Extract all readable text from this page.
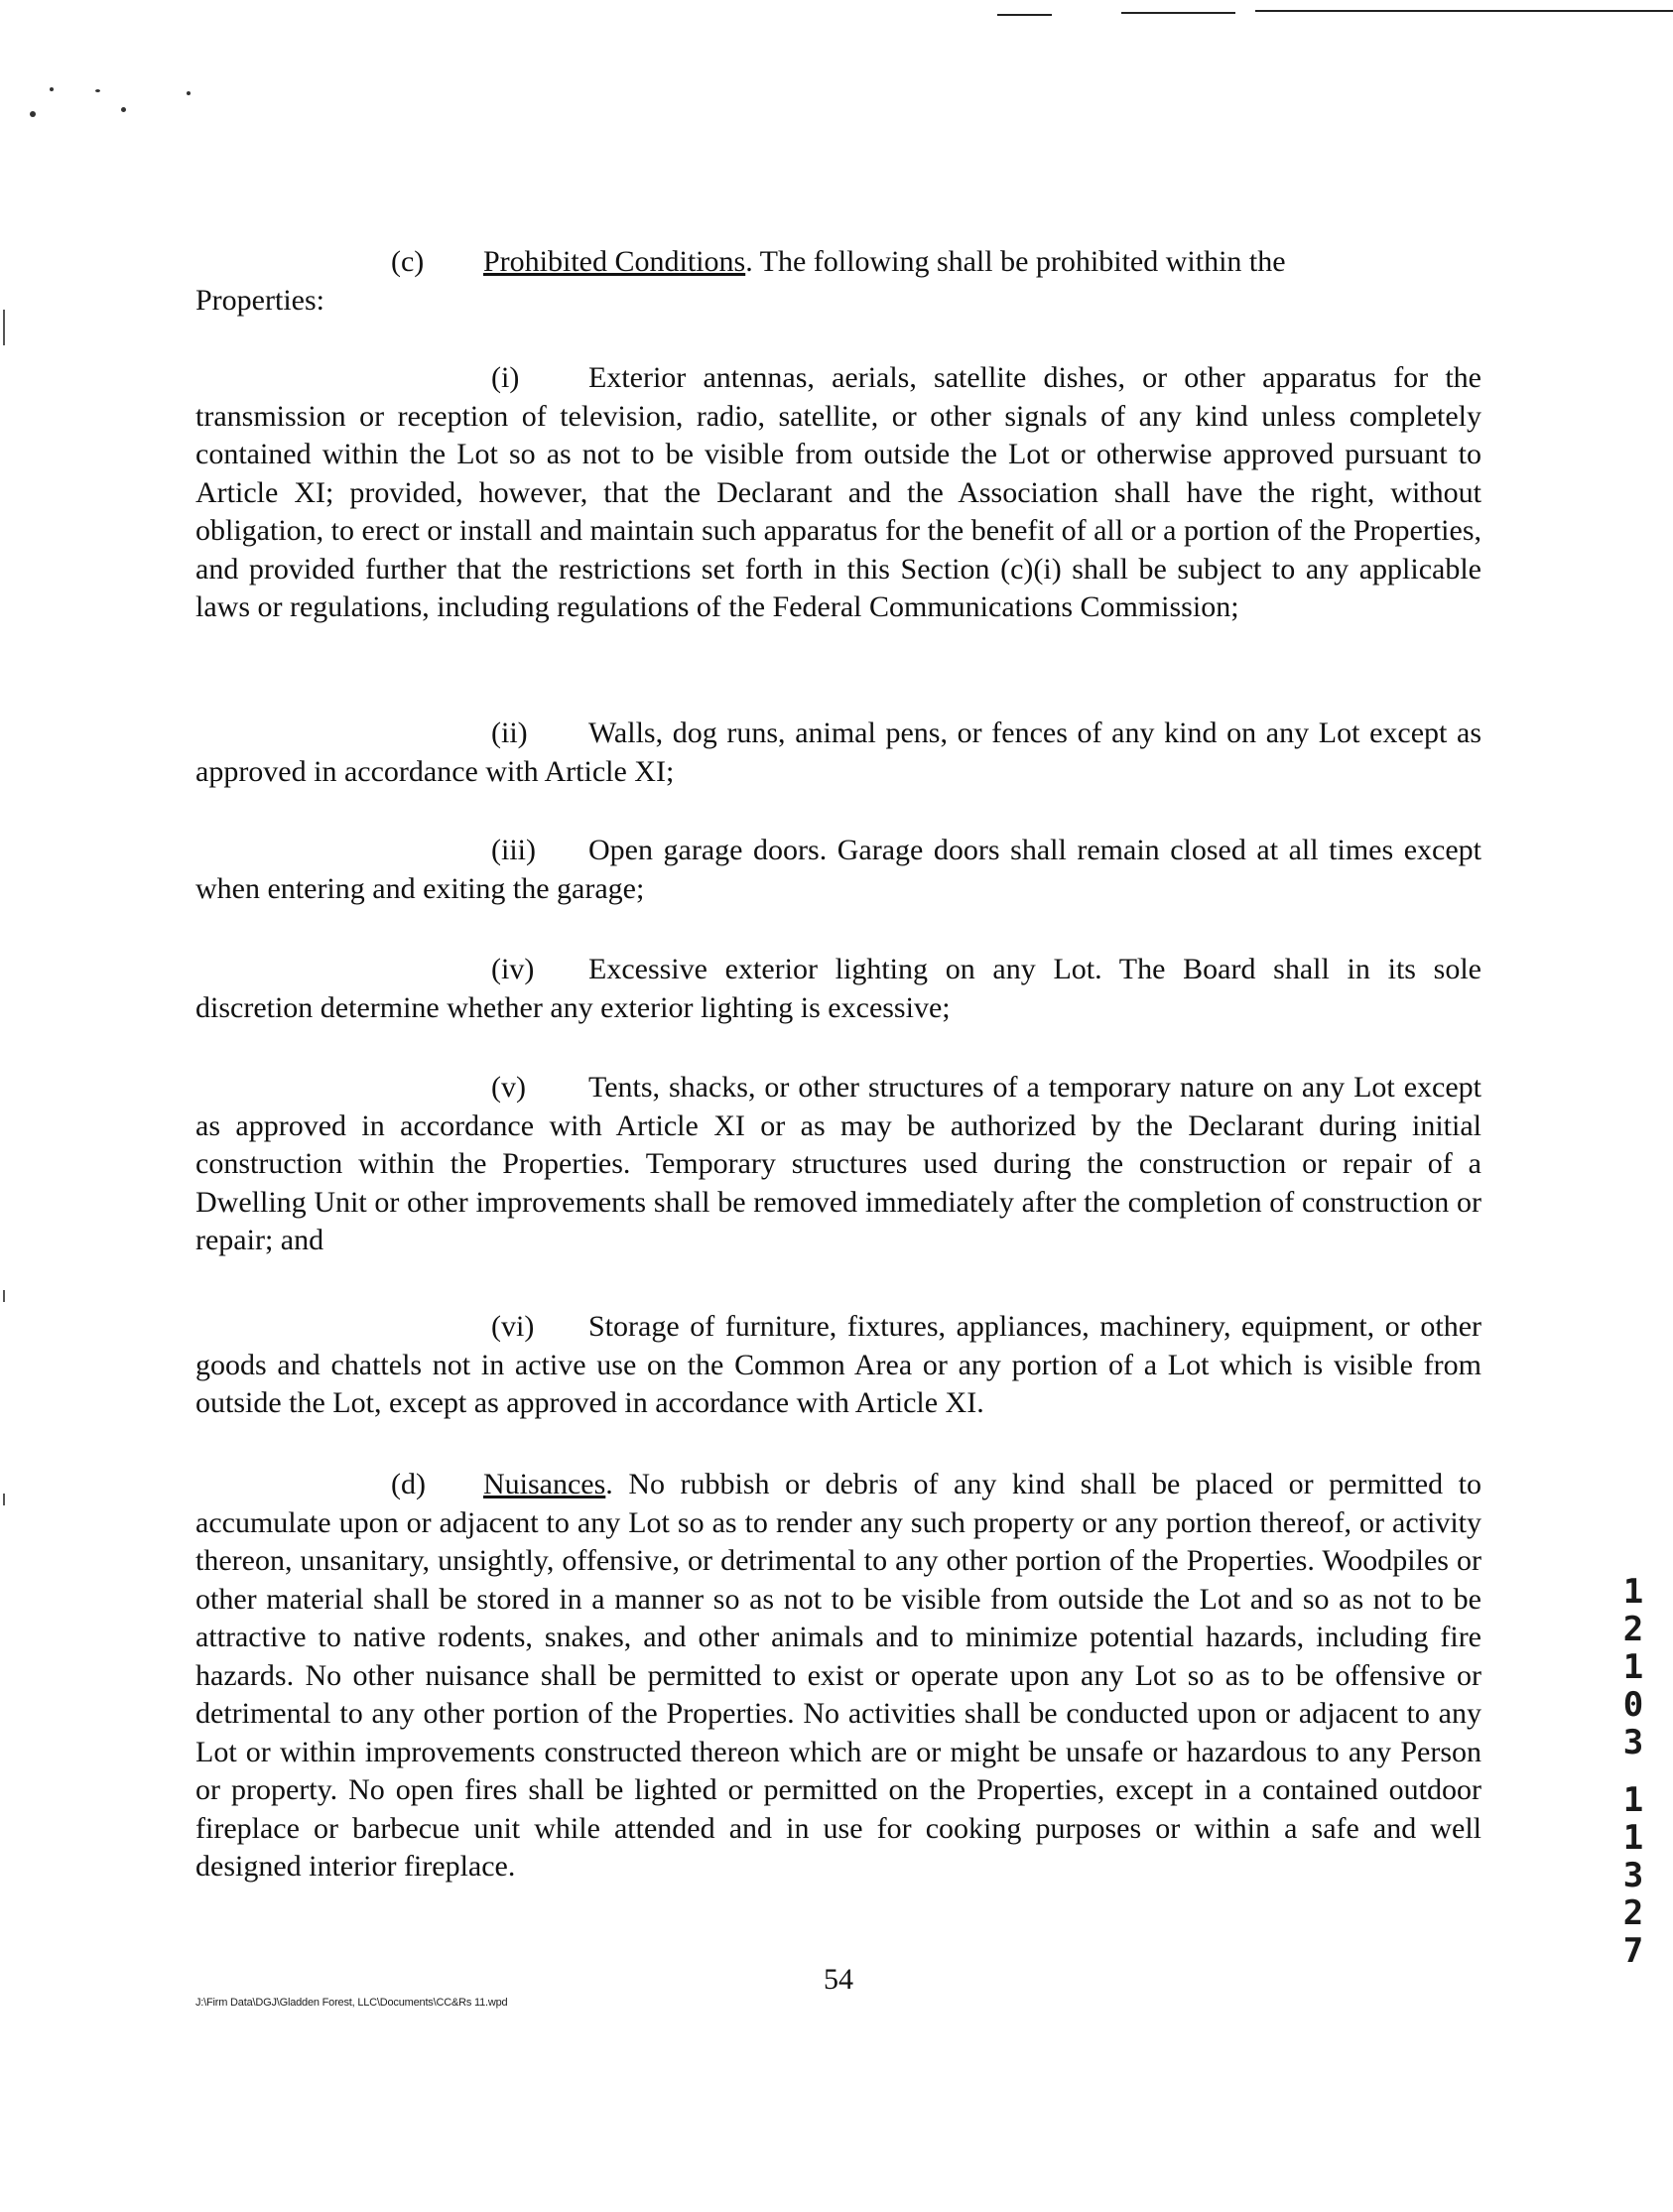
(c) Prohibited Conditions. The following shall be prohibited within the
Properties:

(i) Exterior antennas, aerials, satellite dishes, or other apparatus for the transmission or reception of television, radio, satellite, or other signals of any kind unless completely contained within the Lot so as not to be visible from outside the Lot or otherwise approved pursuant to Article XI; provided, however, that the Declarant and the Association shall have the right, without obligation, to erect or install and maintain such apparatus for the benefit of all or a portion of the Properties, and provided further that the restrictions set forth in this Section (c)(i) shall be subject to any applicable laws or regulations, including regulations of the Federal Communications Commission;

(ii) Walls, dog runs, animal pens, or fences of any kind on any Lot except as approved in accordance with Article XI;

(iii) Open garage doors. Garage doors shall remain closed at all times except when entering and exiting the garage;

(iv) Excessive exterior lighting on any Lot. The Board shall in its sole discretion determine whether any exterior lighting is excessive;

(v) Tents, shacks, or other structures of a temporary nature on any Lot except as approved in accordance with Article XI or as may be authorized by the Declarant during initial construction within the Properties. Temporary structures used during the construction or repair of a Dwelling Unit or other improvements shall be removed immediately after the completion of construction or repair; and

(vi) Storage of furniture, fixtures, appliances, machinery, equipment, or other goods and chattels not in active use on the Common Area or any portion of a Lot which is visible from outside the Lot, except as approved in accordance with Article XI.

(d) Nuisances. No rubbish or debris of any kind shall be placed or permitted to accumulate upon or adjacent to any Lot so as to render any such property or any portion thereof, or activity thereon, unsanitary, unsightly, offensive, or detrimental to any other portion of the Properties. Woodpiles or other material shall be stored in a manner so as not to be visible from outside the Lot and so as not to be attractive to native rodents, snakes, and other animals and to minimize potential hazards, including fire hazards. No other nuisance shall be permitted to exist or operate upon any Lot so as to be offensive or detrimental to any other portion of the Properties. No activities shall be conducted upon or adjacent to any Lot or within improvements constructed thereon which are or might be unsafe or hazardous to any Person or property. No open fires shall be lighted or permitted on the Properties, except in a contained outdoor fireplace or barbecue unit while attended and in use for cooking purposes or within a safe and well designed interior fireplace.

54
J:\Firm Data\DGJ\Gladden Forest, LLC\Documents\CC&Rs 11.wpd
1
2
1
0
3
1
1
3
2
7
